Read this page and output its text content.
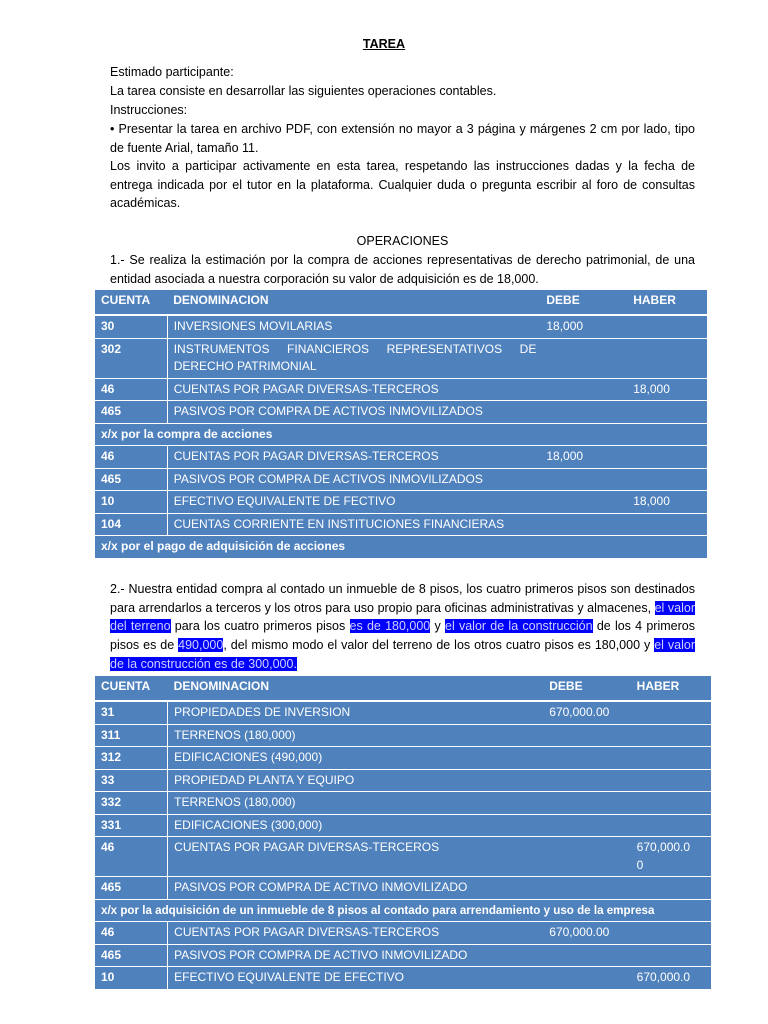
TAREA
Estimado participante:
La tarea consiste en desarrollar las siguientes operaciones contables.
Instrucciones:
• Presentar la tarea en archivo PDF, con extensión no mayor a 3 página y márgenes 2 cm por lado, tipo de fuente Arial, tamaño 11.
Los invito a participar activamente en esta tarea, respetando las instrucciones dadas y la fecha de entrega indicada por el tutor en la plataforma. Cualquier duda o pregunta escribir al foro de consultas académicas.
OPERACIONES
1.- Se realiza la estimación por la compra de acciones representativas de derecho patrimonial, de una entidad asociada a nuestra corporación su valor de adquisición es de 18,000.
CUENTA	DENOMINACION	DEBE	HABER
30	INVERSIONES MOVILARIAS	18,000	
302	INSTRUMENTOS FINANCIEROS REPRESENTATIVOS DE
DERECHO PATRIMONIAL		

46	CUENTAS POR PAGAR DIVERSAS-TERCEROS		18,000
465	PASIVOS POR COMPRA DE ACTIVOS INMOVILIZADOS		
x/x por la compra de acciones			
46	CUENTAS POR PAGAR DIVERSAS-TERCEROS	18,000	
465	PASIVOS POR COMPRA DE ACTIVOS INMOVILIZADOS		
10	EFECTIVO EQUIVALENTE DE FECTIVO		18,000
104	CUENTAS CORRIENTE EN INSTITUCIONES FINANCIERAS		
x/x por el pago de adquisición de acciones			
2.- Nuestra entidad compra al contado un inmueble de 8 pisos, los cuatro primeros pisos son destinados para arrendarlos a terceros y los otros para uso propio para oficinas administrativas y almacenes, el valor del terreno para los cuatro primeros pisos es de 180,000 y el valor de la construcción de los 4 primeros pisos es de 490,000, del mismo modo el valor del terreno de los otros cuatro pisos es 180,000 y el valor de la construcción es de 300,000.
CUENTA	DENOMINACION	DEBE	HABER
31	PROPIEDADES DE INVERSION	670,000.00	
311	TERRENOS (180,000)		
312	EDIFICACIONES (490,000)		
33	PROPIEDAD PLANTA Y EQUIPO		
332	TERRENOS (180,000)		
331	EDIFICACIONES (300,000)		
46	CUENTAS POR PAGAR DIVERSAS-TERCEROS		670,000.0
0

465	PASIVOS POR COMPRA DE ACTIVO INMOVILIZADO		
x/x por la adquisición de un inmueble de 8 pisos al contado para arrendamiento y uso de la empresa			
46	CUENTAS POR PAGAR DIVERSAS-TERCEROS	670,000.00	
465	PASIVOS POR COMPRA DE ACTIVO INMOVILIZADO		
10	EFECTIVO EQUIVALENTE DE EFECTIVO		670,000.0
